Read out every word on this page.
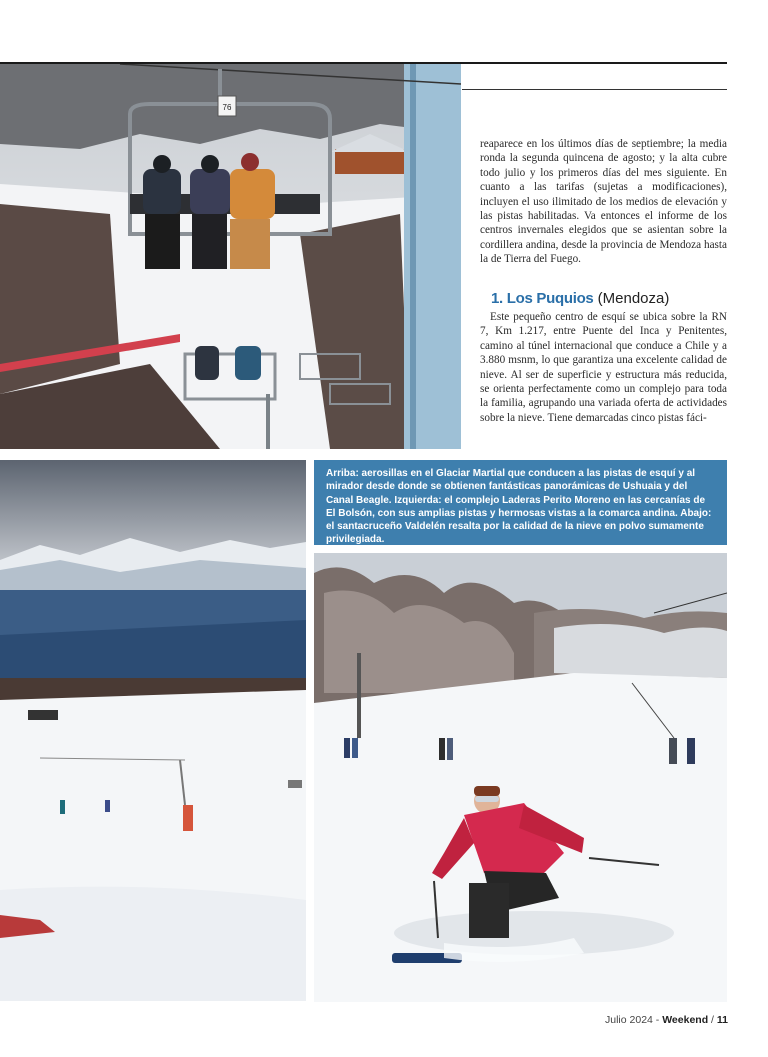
76

reaparece en los últimos días de septiembre; la media ronda la segunda quincena de agosto; y la alta cubre todo julio y los primeros días del mes siguiente. En cuanto a las tarifas (sujetas a modificaciones), incluyen el uso ilimitado de los medios de elevación y las pistas habilitadas. Va entonces el informe de los centros invernales elegidos que se asientan sobre la cordillera andina, desde la provincia de Mendoza hasta la de Tierra del Fuego.

1. Los Puquios (Mendoza)
Este pequeño centro de esquí se ubica sobre la RN 7, Km 1.217, entre Puente del Inca y Penitentes, camino al túnel internacional que conduce a Chile y a 3.880 msnm, lo que garantiza una excelente calidad de nieve. Al ser de superficie y estructura más reducida, se orienta perfectamente como un complejo para toda la familia, agrupando una variada oferta de actividades sobre la nieve. Tiene demarcadas cinco pistas fáci-
Arriba: aerosillas en el Glaciar Martial que conducen a las pistas de esquí y al mirador desde donde se obtienen fantásticas panorámicas de Ushuaia y del Canal Beagle. Izquierda: el complejo Laderas Perito Moreno en las cercanías de El Bolsón, con sus amplias pistas y hermosas vistas a la comarca andina. Abajo: el santacruceño Valdelén resalta por la calidad de la nieve en polvo sumamente privilegiada.
Julio 2024 - Weekend / 11
